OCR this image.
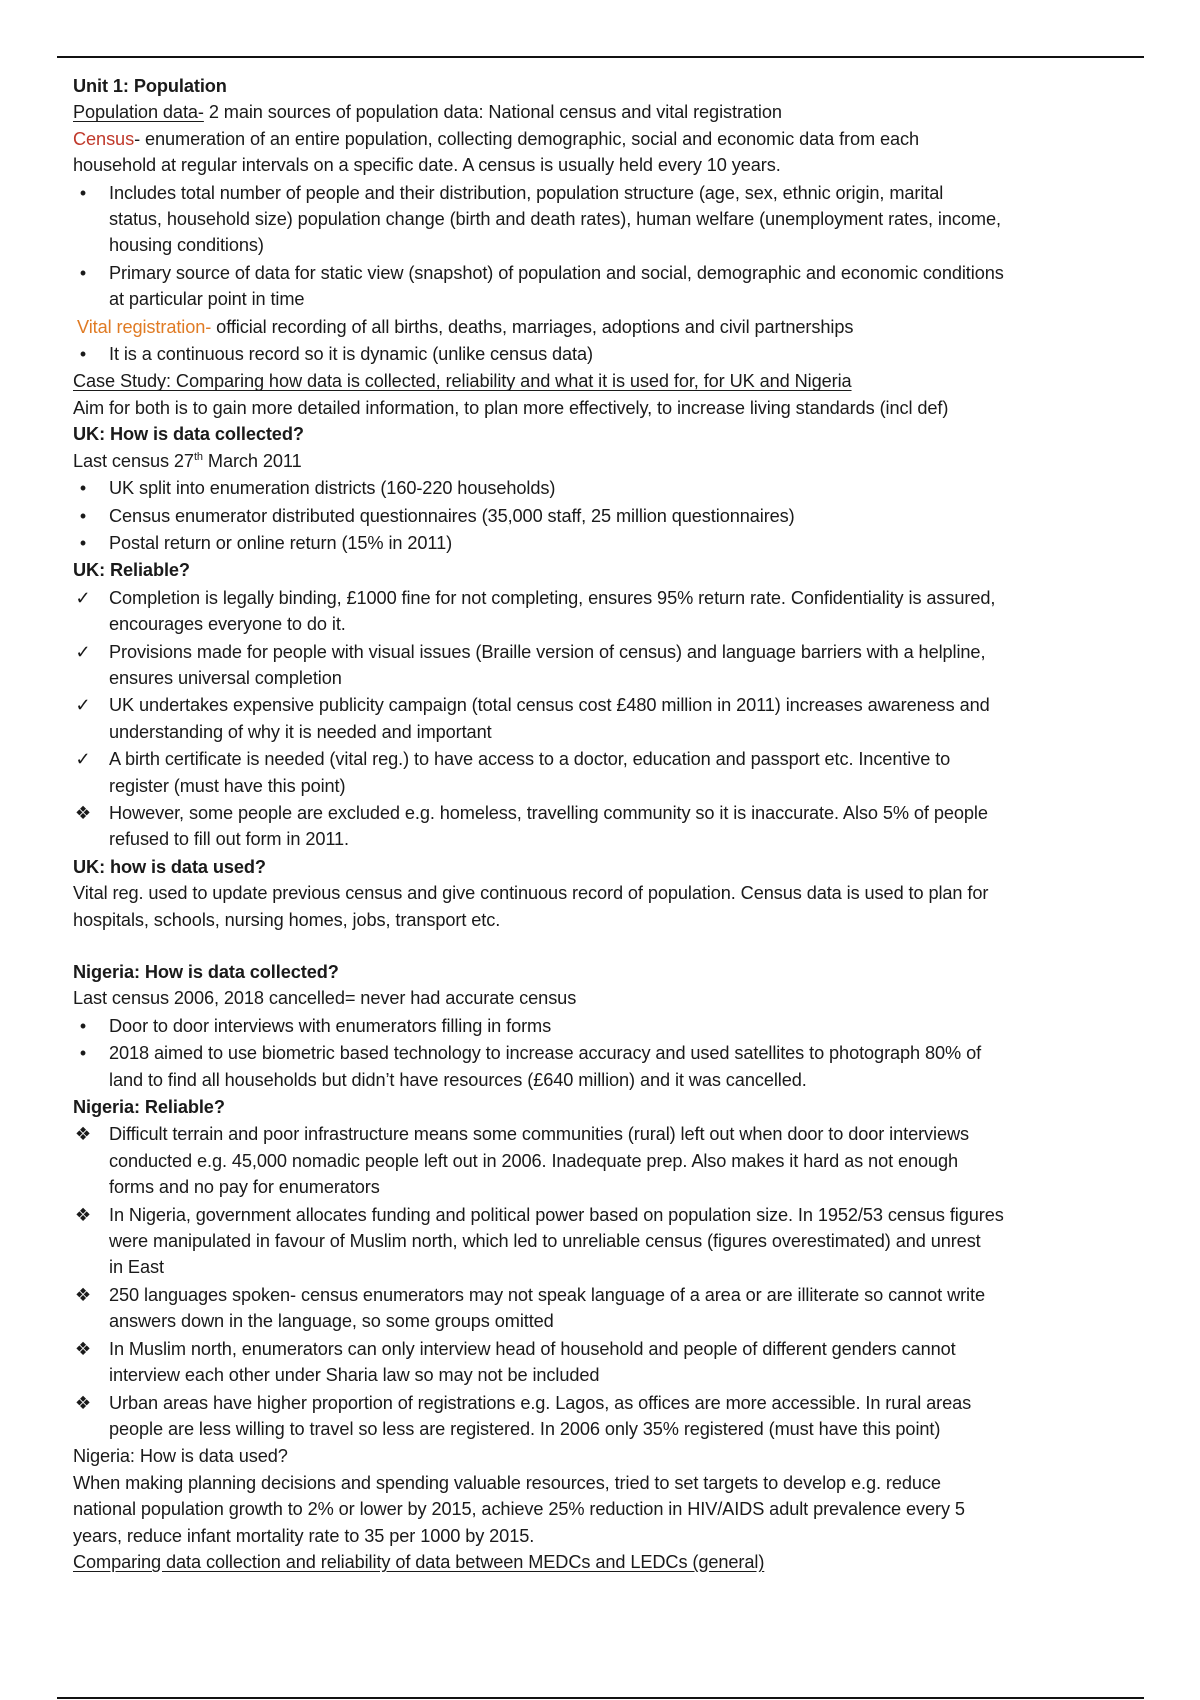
Unit 1: Population

Population data- 2 main sources of population data: National census and vital registration

Census- enumeration of an entire population, collecting demographic, social and economic data from each

household at regular intervals on a specific date. A census is usually held every 10 years.

•	Includes total number of people and their distribution, population structure (age, sex, ethnic origin, marital
status, household size) population change (birth and death rates), human welfare (unemployment rates, income,
housing conditions)
•	Primary source of data for static view (snapshot) of population and social, demographic and economic conditions
at particular point in time

Vital registration- official recording of all births, deaths, marriages, adoptions and civil partnerships

•	It is a continuous record so it is dynamic (unlike census data)

Case Study: Comparing how data is collected, reliability and what it is used for, for UK and Nigeria

Aim for both is to gain more detailed information, to plan more effectively, to increase living standards (incl def)

UK: How is data collected?

Last census 27th March 2011

•	UK split into enumeration districts (160-220 households)
•	Census enumerator distributed questionnaires (35,000 staff, 25 million questionnaires)
•	Postal return or online return (15% in 2011)

UK: Reliable?

✓ Completion is legally binding, £1000 fine for not completing, ensures 95% return rate. Confidentiality is assured,
encourages everyone to do it.
✓ Provisions made for people with visual issues (Braille version of census) and language barriers with a helpline,
ensures universal completion
✓ UK undertakes expensive publicity campaign (total census cost £480 million in 2011) increases awareness and
understanding of why it is needed and important
✓ A birth certificate is needed (vital reg.) to have access to a doctor, education and passport etc. Incentive to
register (must have this point)
❖ However, some people are excluded e.g. homeless, travelling community so it is inaccurate. Also 5% of people
refused to fill out form in 2011.

UK: how is data used?

Vital reg. used to update previous census and give continuous record of population. Census data is used to plan for

hospitals, schools, nursing homes, jobs, transport etc.

Nigeria: How is data collected?

Last census 2006, 2018 cancelled= never had accurate census

•	Door to door interviews with enumerators filling in forms
•	2018 aimed to use biometric based technology to increase accuracy and used satellites to photograph 80% of
land to find all households but didn’t have resources (£640 million) and it was cancelled.

Nigeria: Reliable?

❖ Difficult terrain and poor infrastructure means some communities (rural) left out when door to door interviews
conducted e.g. 45,000 nomadic people left out in 2006. Inadequate prep. Also makes it hard as not enough
forms and no pay for enumerators
❖ In Nigeria, government allocates funding and political power based on population size. In 1952/53 census figures
were manipulated in favour of Muslim north, which led to unreliable census (figures overestimated) and unrest
in East
❖ 250 languages spoken- census enumerators may not speak language of a area or are illiterate so cannot write
answers down in the language, so some groups omitted
❖ In Muslim north, enumerators can only interview head of household and people of different genders cannot
interview each other under Sharia law so may not be included
❖ Urban areas have higher proportion of registrations e.g. Lagos, as offices are more accessible. In rural areas
people are less willing to travel so less are registered. In 2006 only 35% registered (must have this point)

Nigeria: How is data used?

When making planning decisions and spending valuable resources, tried to set targets to develop e.g. reduce

national population growth to 2% or lower by 2015, achieve 25% reduction in HIV/AIDS adult prevalence every 5

years, reduce infant mortality rate to 35 per 1000 by 2015.

Comparing data collection and reliability of data between MEDCs and LEDCs (general)
